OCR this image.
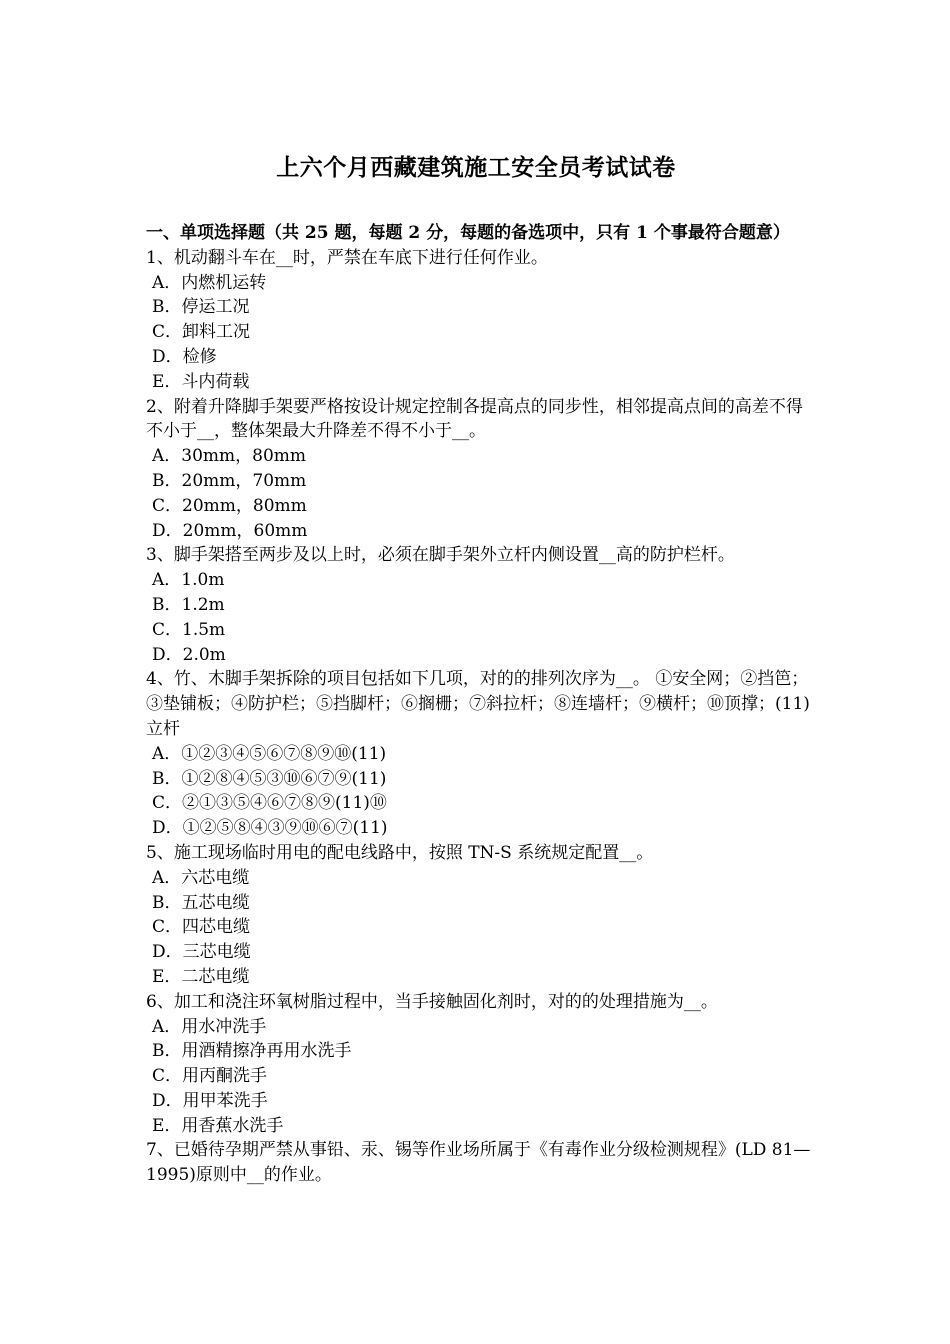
上六个月西藏建筑施工安全员考试试卷
一、单项选择题（共 25 题，每题 2 分，每题的备选项中，只有 1 个事最符合题意）
1、机动翻斗车在__时，严禁在车底下进行任何作业。
A．内燃机运转
B．停运工况
C．卸料工况
D．检修
E．斗内荷载
2、附着升降脚手架要严格按设计规定控制各提高点的同步性，相邻提高点间的高差不得不小于__，整体架最大升降差不得不小于__。
A．30mm，80mm
B．20mm，70mm
C．20mm，80mm
D．20mm，60mm
3、脚手架搭至两步及以上时，必须在脚手架外立杆内侧设置__高的防护栏杆。
A．1.0m
B．1.2m
C．1.5m
D．2.0m
4、竹、木脚手架拆除的项目包括如下几项，对的的排列次序为__。 ①安全网；②挡笆；③垫铺板；④防护栏；⑤挡脚杆；⑥搁栅；⑦斜拉杆；⑧连墙杆；⑨横杆；⑩顶撑；(11)立杆
A．①②③④⑤⑥⑦⑧⑨⑩(11)
B．①②⑧④⑤③⑩⑥⑦⑨(11)
C．②①③⑤④⑥⑦⑧⑨(11)⑩
D．①②⑤⑧④③⑨⑩⑥⑦(11)
5、施工现场临时用电的配电线路中，按照 TN-S 系统规定配置__。
A．六芯电缆
B．五芯电缆
C．四芯电缆
D．三芯电缆
E．二芯电缆
6、加工和浇注环氧树脂过程中，当手接触固化剂时，对的的处理措施为__。
A．用水冲洗手
B．用酒精擦净再用水洗手
C．用丙酮洗手
D．用甲苯洗手
E．用香蕉水洗手
7、已婚待孕期严禁从事铅、汞、锡等作业场所属于《有毒作业分级检测规程》(LD 81—1995)原则中__的作业。
